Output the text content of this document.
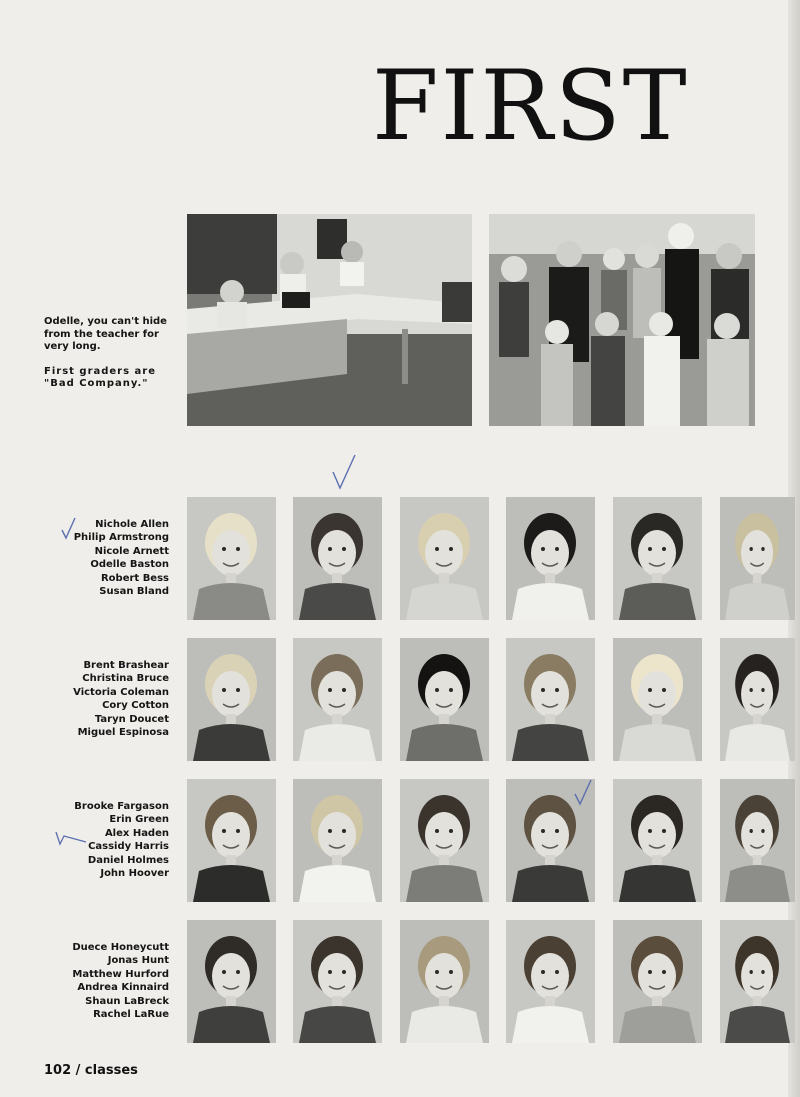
FIRST

Odelle, you can't hide from the teacher for very long.

First graders are "Bad Company."

Nichole Allen
Philip Armstrong
Nicole Arnett
Odelle Baston
Robert Bess
Susan Bland
Brent Brashear
Christina Bruce
Victoria Coleman
Cory Cotton
Taryn Doucet
Miguel Espinosa
Brooke Fargason
Erin Green
Alex Haden
Cassidy Harris
Daniel Holmes
John Hoover
Duece Honeycutt
Jonas Hunt
Matthew Hurford
Andrea Kinnaird
Shaun LaBreck
Rachel LaRue
102 / classes
